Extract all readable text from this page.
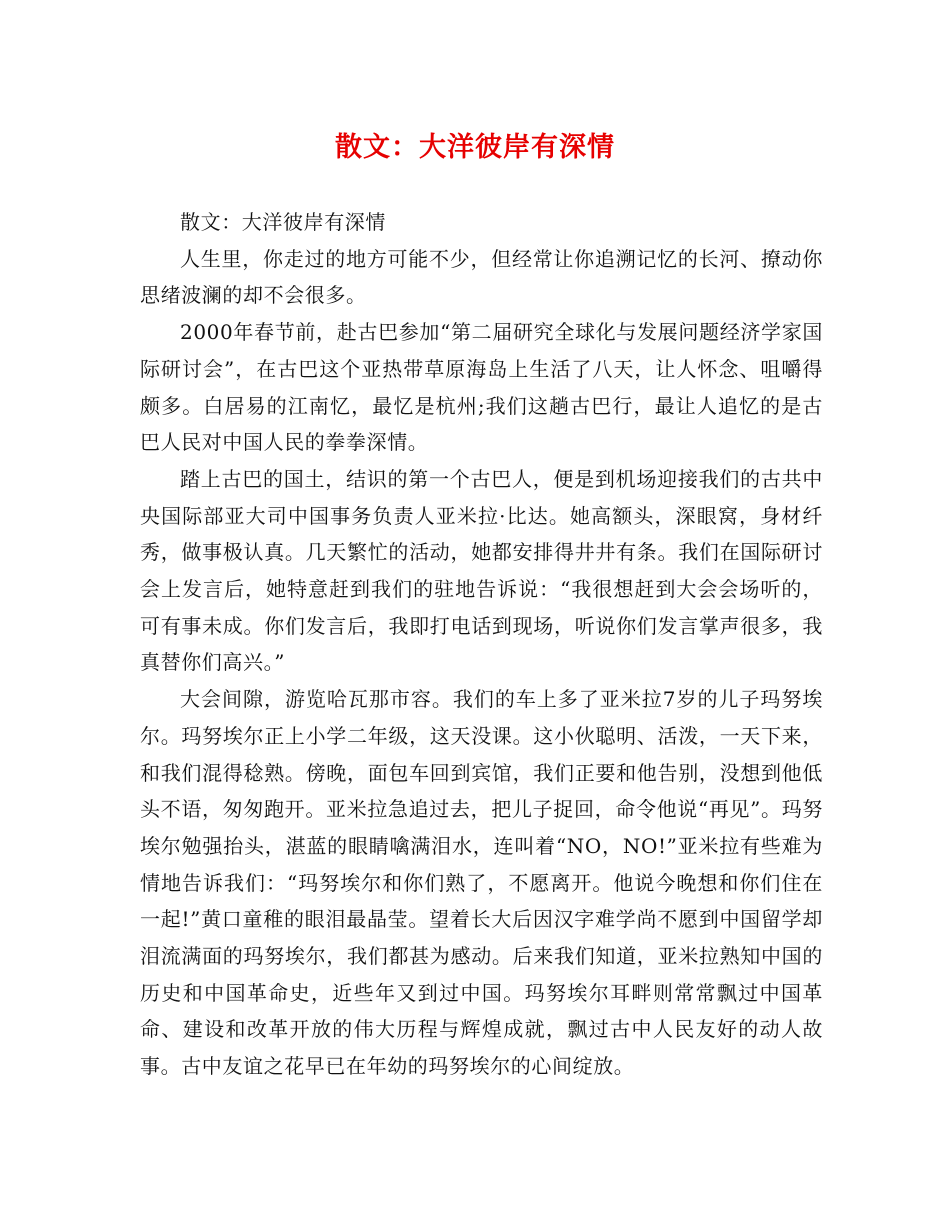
散文：大洋彼岸有深情

散文：大洋彼岸有深情

人生里，你走过的地方可能不少，但经常让你追溯记忆的长河、撩动你思绪波澜的却不会很多。

2000年春节前，赴古巴参加“第二届研究全球化与发展问题经济学家国际研讨会”，在古巴这个亚热带草原海岛上生活了八天，让人怀念、咀嚼得颇多。白居易的江南忆，最忆是杭州;我们这趟古巴行，最让人追忆的是古巴人民对中国人民的拳拳深情。

踏上古巴的国土，结识的第一个古巴人，便是到机场迎接我们的古共中央国际部亚大司中国事务负责人亚米拉·比达。她高额头，深眼窝，身材纤秀，做事极认真。几天繁忙的活动，她都安排得井井有条。我们在国际研讨会上发言后，她特意赶到我们的驻地告诉说：“我很想赶到大会会场听的，可有事未成。你们发言后，我即打电话到现场，听说你们发言掌声很多，我真替你们高兴。”

大会间隙，游览哈瓦那市容。我们的车上多了亚米拉7岁的儿子玛努埃尔。玛努埃尔正上小学二年级，这天没课。这小伙聪明、活泼，一天下来，和我们混得稔熟。傍晚，面包车回到宾馆，我们正要和他告别，没想到他低头不语，匆匆跑开。亚米拉急追过去，把儿子捉回，命令他说“再见”。玛努埃尔勉强抬头，湛蓝的眼睛噙满泪水，连叫着“NO，NO!”亚米拉有些难为情地告诉我们：“玛努埃尔和你们熟了，不愿离开。他说今晚想和你们住在一起!”黄口童稚的眼泪最晶莹。望着长大后因汉字难学尚不愿到中国留学却泪流满面的玛努埃尔，我们都甚为感动。后来我们知道，亚米拉熟知中国的历史和中国革命史，近些年又到过中国。玛努埃尔耳畔则常常飘过中国革命、建设和改革开放的伟大历程与辉煌成就，飘过古中人民友好的动人故事。古中友谊之花早已在年幼的玛努埃尔的心间绽放。
